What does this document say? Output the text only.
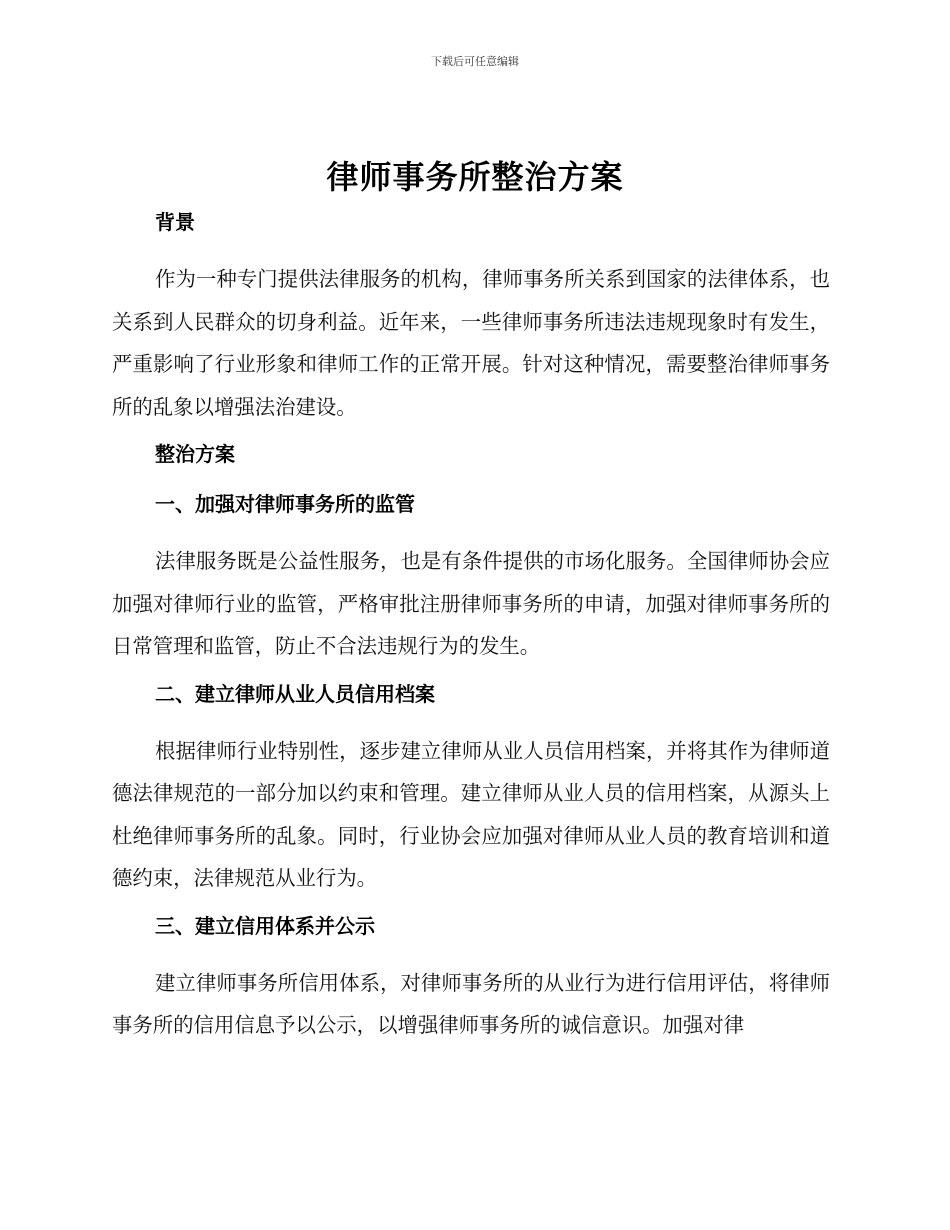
下载后可任意编辑
律师事务所整治方案
背景
作为一种专门提供法律服务的机构，律师事务所关系到国家的法律体系，也关系到人民群众的切身利益。近年来，一些律师事务所违法违规现象时有发生，严重影响了行业形象和律师工作的正常开展。针对这种情况，需要整治律师事务所的乱象以增强法治建设。
整治方案
一、加强对律师事务所的监管
法律服务既是公益性服务，也是有条件提供的市场化服务。全国律师协会应加强对律师行业的监管，严格审批注册律师事务所的申请，加强对律师事务所的日常管理和监管，防止不合法违规行为的发生。
二、建立律师从业人员信用档案
根据律师行业特别性，逐步建立律师从业人员信用档案，并将其作为律师道德法律规范的一部分加以约束和管理。建立律师从业人员的信用档案，从源头上杜绝律师事务所的乱象。同时，行业协会应加强对律师从业人员的教育培训和道德约束，法律规范从业行为。
三、建立信用体系并公示
建立律师事务所信用体系，对律师事务所的从业行为进行信用评估，将律师事务所的信用信息予以公示，以增强律师事务所的诚信意识。加强对律
